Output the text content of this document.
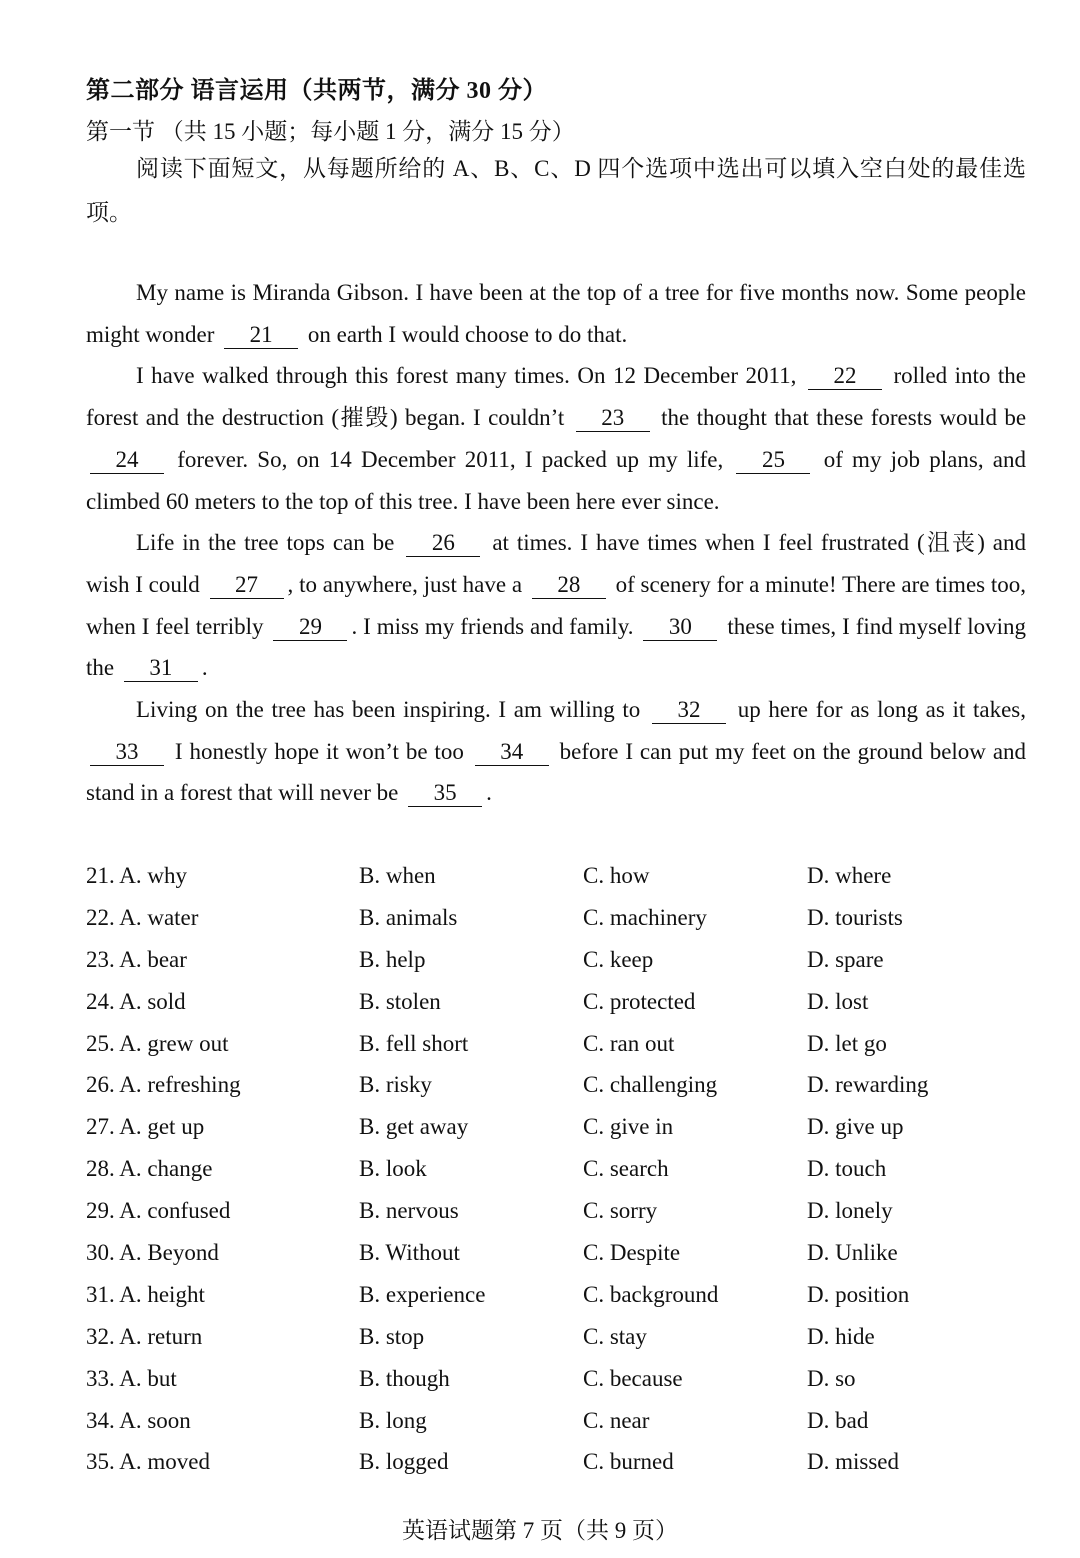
第二部分 语言运用（共两节，满分 30 分）
第一节 （共 15 小题；每小题 1 分，满分 15 分）
阅读下面短文，从每题所给的 A、B、C、D 四个选项中选出可以填入空白处的最佳选项。

My name is Miranda Gibson. I have been at the top of a tree for five months now. Some people might wonder 21 on earth I would choose to do that.

I have walked through this forest many times. On 12 December 2011, 22 rolled into the forest and the destruction (摧毁) began. I couldn’t 23 the thought that these forests would be 24 forever. So, on 14 December 2011, I packed up my life, 25 of my job plans, and climbed 60 meters to the top of this tree. I have been here ever since.

Life in the tree tops can be 26 at times. I have times when I feel frustrated (沮丧) and wish I could 27 , to anywhere, just have a 28 of scenery for a minute! There are times too, when I feel terribly 29 . I miss my friends and family. 30 these times, I find myself loving the 31 .

Living on the tree has been inspiring. I am willing to 32 up here for as long as it takes, 33 I honestly hope it won’t be too 34 before I can put my feet on the ground below and stand in a forest that will never be 35 .

21. A. why	B. when	C. how	D. where
22. A. water	B. animals	C. machinery	D. tourists
23. A. bear	B. help	C. keep	D. spare
24. A. sold	B. stolen	C. protected	D. lost
25. A. grew out	B. fell short	C. ran out	D. let go
26. A. refreshing	B. risky	C. challenging	D. rewarding
27. A. get up	B. get away	C. give in	D. give up
28. A. change	B. look	C. search	D. touch
29. A. confused	B. nervous	C. sorry	D. lonely
30. A. Beyond	B. Without	C. Despite	D. Unlike
31. A. height	B. experience	C. background	D. position
32. A. return	B. stop	C. stay	D. hide
33. A. but	B. though	C. because	D. so
34. A. soon	B. long	C. near	D. bad
35. A. moved	B. logged	C. burned	D. missed
英语试题第 7 页（共 9 页）
